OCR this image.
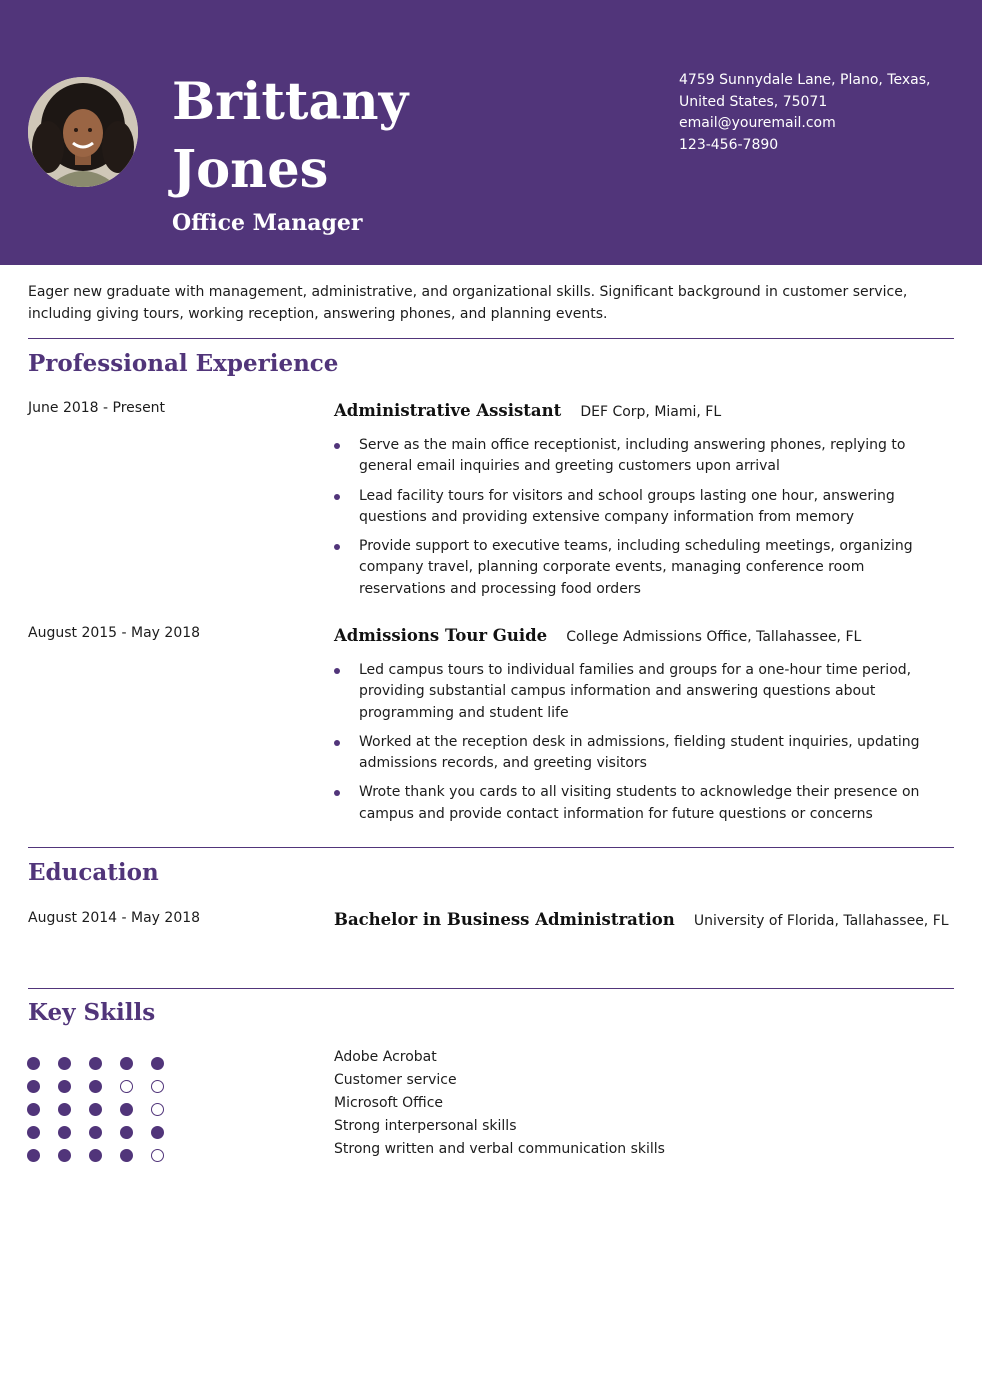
Brittany
Jones
Office Manager
4759 Sunnydale Lane, Plano, Texas,
United States, 75071
email@youremail.com
123-456-7890
Eager new graduate with management, administrative, and organizational skills. Significant background in customer service, including giving tours, working reception, answering phones, and planning events.
Professional Experience
June 2018 - Present	Administrative Assistant DEF Corp, Miami, FL
Serve as the main office receptionist, including answering phones, replying to general email inquiries and greeting customers upon arrival
Lead facility tours for visitors and school groups lasting one hour, answering questions and providing extensive company information from memory
Provide support to executive teams, including scheduling meetings, organizing company travel, planning corporate events, managing conference room reservations and processing food orders
August 2015 - May 2018	Admissions Tour Guide College Admissions Office, Tallahassee, FL
Led campus tours to individual families and groups for a one-hour time period, providing substantial campus information and answering questions about programming and student life
Worked at the reception desk in admissions, fielding student inquiries, updating admissions records, and greeting visitors
Wrote thank you cards to all visiting students to acknowledge their presence on campus and provide contact information for future questions or concerns
Education
August 2014 - May 2018	Bachelor in Business Administration University of Florida, Tallahassee, FL
Key Skills
Adobe Acrobat
Customer service
Microsoft Office
Strong interpersonal skills
Strong written and verbal communication skills
